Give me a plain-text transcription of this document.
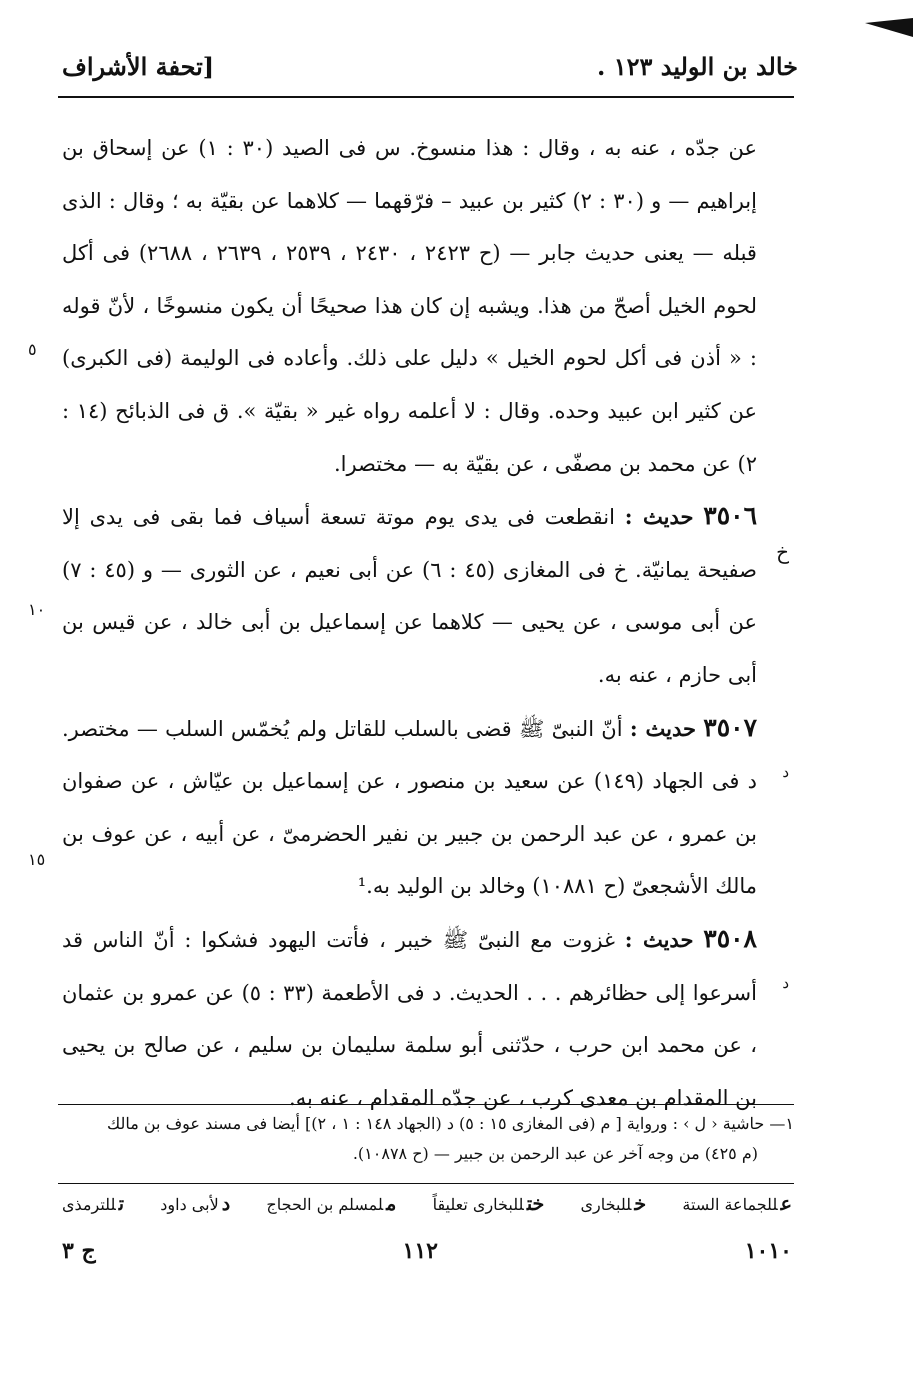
خالد بن الوليد ١٢٣ .
[تحفة الأشراف

عن جدّه ، عنه به ، وقال : هذا منسوخ. س فى الصيد (٣٠ : ١) عن إسحاق بن إبراهيم — و (٣٠ : ٢) كثير بن عبيد – فرّقهما — كلاهما عن بقيّة به ؛ وقال : الذى قبله — يعنى حديث جابر — (ح ٢٤٢٣ ، ٢٤٣٠ ، ٢٥٣٩ ، ٢٦٣٩ ، ٢٦٨٨) فى أكل لحوم الخيل أصحّ من هذا. ويشبه إن كان هذا صحيحًا أن يكون منسوخًا ، لأنّ قوله : « أذن فى أكل لحوم الخيل » دليل على ذلك. وأعاده فى الوليمة (فى الكبرى) عن كثير ابن عبيد وحده. وقال : لا أعلمه رواه غير « بقيّة ». ق فى الذبائح (١٤ : ٢) عن محمد بن مصفّى ، عن بقيّة به — مختصرا.

خ
٣٥٠٦ حديث : انقطعت فى يدى يوم موتة تسعة أسياف فما بقى فى يدى إلا صفيحة يمانيّة. خ فى المغازى (٤٥ : ٦) عن أبى نعيم ، عن الثورى — و (٤٥ : ٧) عن أبى موسى ، عن يحيى — كلاهما عن إسماعيل بن أبى خالد ، عن قيس بن أبى حازم ، عنه به.

د
٣٥٠٧ حديث : أنّ النبىّ ﷺ قضى بالسلب للقاتل ولم يُخمّس السلب — مختصر. د فى الجهاد (١٤٩) عن سعيد بن منصور ، عن إسماعيل بن عيّاش ، عن صفوان بن عمرو ، عن عبد الرحمن بن جبير بن نفير الحضرمىّ ، عن أبيه ، عن عوف بن مالك الأشجعىّ (ح ١٠٨٨١) وخالد بن الوليد به.¹

د
٣٥٠٨ حديث : غزوت مع النبىّ ﷺ خيبر ، فأتت اليهود فشكوا : أنّ الناس قد أسرعوا إلى حظائرهم . . . الحديث. د فى الأطعمة (٣٣ : ٥) عن عمرو بن عثمان ، عن محمد ابن حرب ، حدّثنى أبو سلمة سليمان بن سليم ، عن صالح بن يحيى بن المقدام بن معدى كرب ، عن جدّه المقدام ، عنه به.

٥
١٠
١٥

١— حاشية ‹ ل › : ورواية [ م (فى المغازى ١٥ : ٥) د (الجهاد ١٤٨ : ١ ، ٢)] أيضا فى مسند عوف بن مالك

(م ٤٢٥) من وجه آخر عن عبد الرحمن بن جبير — (ح ١٠٨٧٨).

عللجماعة الستة
خللبخارى
ختللبخارى تعليقاً
ملمسلم بن الحجاج
دلأبى داود
تللترمذى
١٠١٠
١١٢
ج ٣
